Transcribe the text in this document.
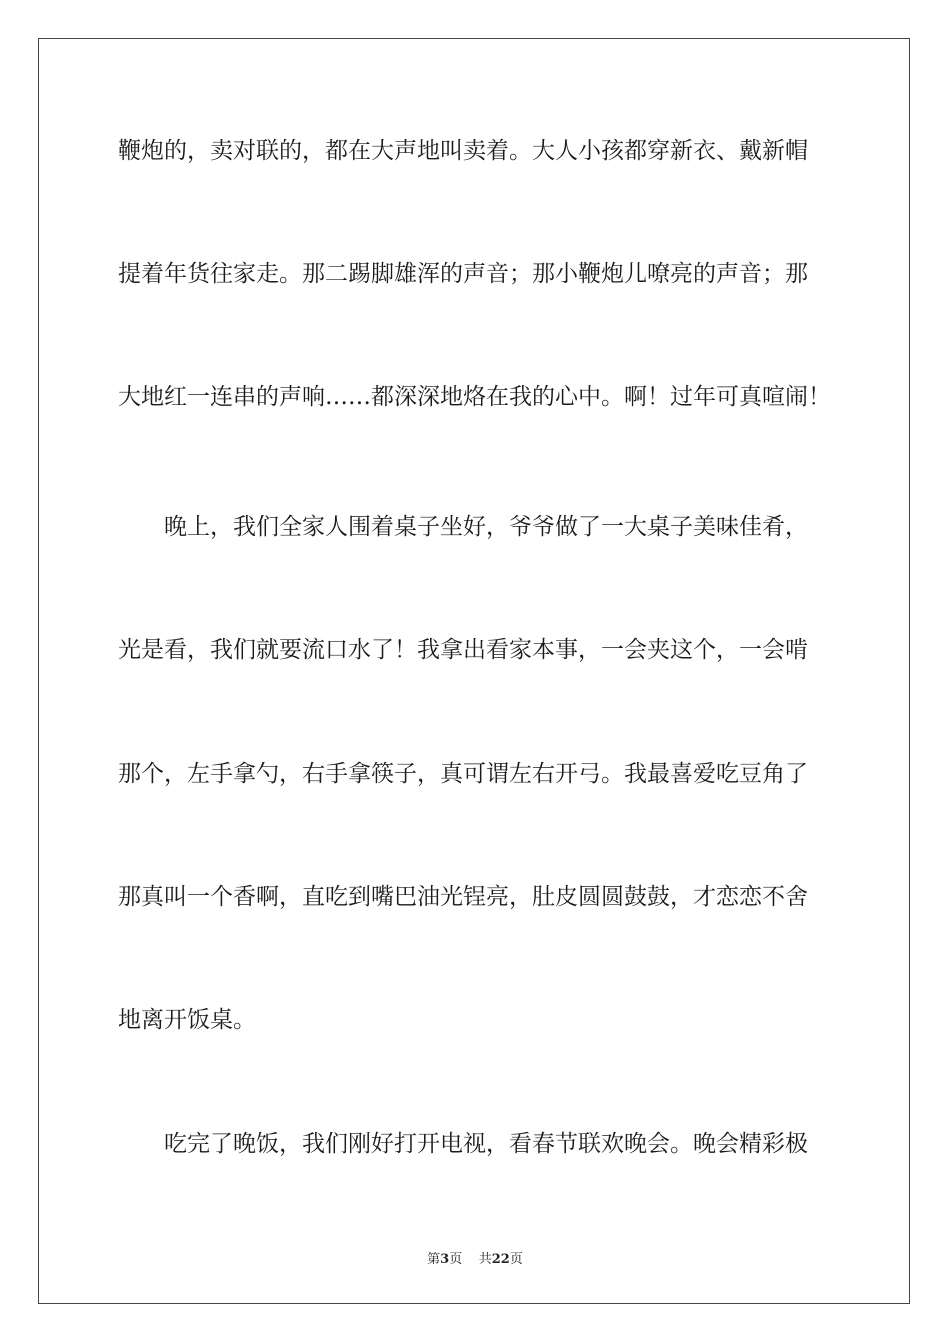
鞭炮的，卖对联的，都在大声地叫卖着。大人小孩都穿新衣、戴新帽
提着年货往家走。那二踢脚雄浑的声音；那小鞭炮儿嘹亮的声音；那
大地红一连串的声响……都深深地烙在我的心中。啊！过年可真喧闹！
晚上，我们全家人围着桌子坐好，爷爷做了一大桌子美味佳肴，
光是看，我们就要流口水了！我拿出看家本事，一会夹这个，一会啃
那个，左手拿勺，右手拿筷子，真可谓左右开弓。我最喜爱吃豆角了
那真叫一个香啊，直吃到嘴巴油光锃亮，肚皮圆圆鼓鼓，才恋恋不舍
地离开饭桌。
吃完了晚饭，我们刚好打开电视，看春节联欢晚会。晚会精彩极
第3页 共22页
